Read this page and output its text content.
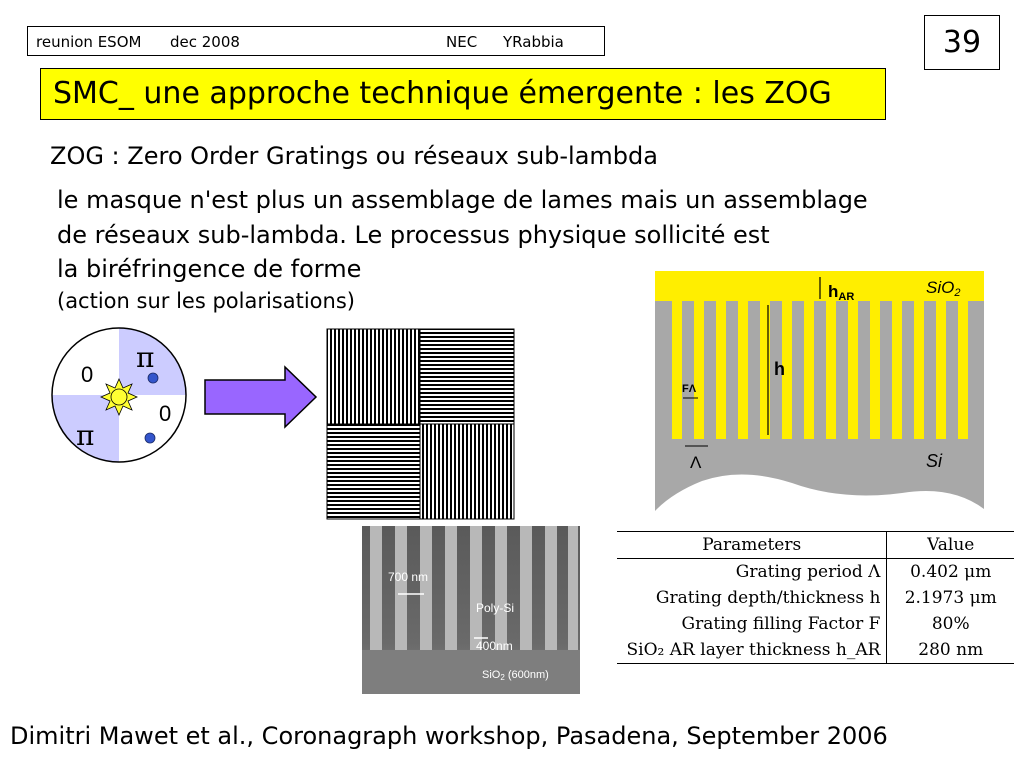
reunion ESOM dec 2008	NEC YRabbia	39
SMC_ une approche technique émergente : les ZOG
ZOG : Zero Order Gratings ou réseaux sub-lambda
le masque n'est plus un assemblage de lames mais un assemblage
de réseaux sub-lambda. Le processus physique sollicité est
la biréfringence de forme
(action sur les polarisations)
π
0
0
π
hAR	SiO2
h
FΛ
Λ	Si
700 nm
Poly-Si
400nm
SiO2 (600nm)
Parameters	Value
Grating period Λ	0.402 μm
Grating depth/thickness h	2.1973 μm
Grating filling Factor F	80%
SiO₂ AR layer thickness h_AR	280 nm
Dimitri Mawet et al., Coronagraph workshop, Pasadena, September 2006
